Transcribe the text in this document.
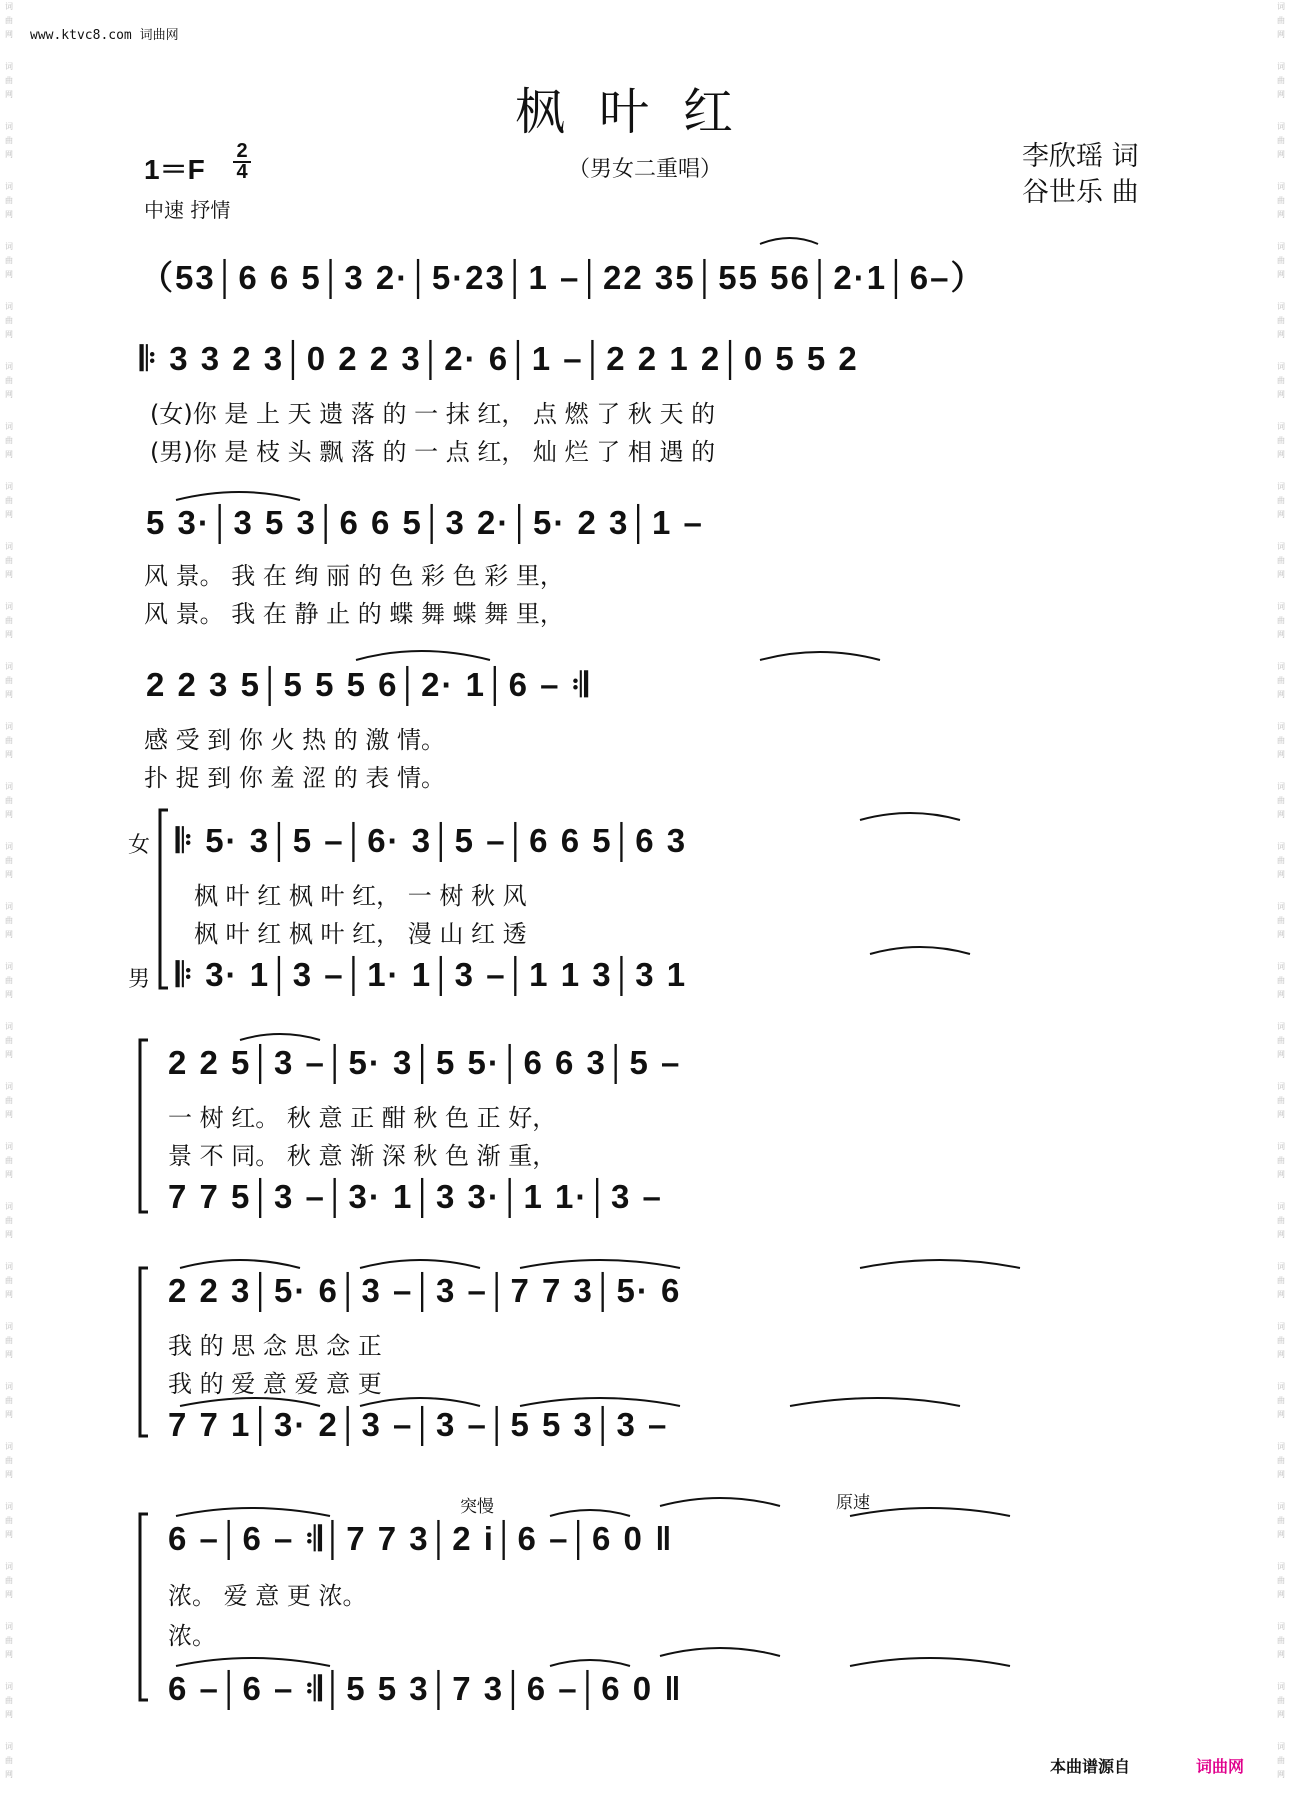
词
曲
网
词
曲
网
词
曲
网
词
曲
网
词
曲
网
词
曲
网
词
曲
网
词
曲
网
词
曲
网
词
曲
网
词
曲
网
词
曲
网
词
曲
网
词
曲
网
词
曲
网
词
曲
网
词
曲
网
词
曲
网
词
曲
网
词
曲
网
词
曲
网
词
曲
网
词
曲
网
词
曲
网
词
曲
网
词
曲
网
词
曲
网
词
曲
网
词
曲
网
词
曲
网
词
曲
网
词
曲
网
词
曲
网
词
曲
网
词
曲
网
词
曲
网
词
曲
网
词
曲
网
词
曲
网
词
曲
网
词
曲
网
词
曲
网
词
曲
网
词
曲
网
词
曲
网
词
曲
网
词
曲
网
词
曲
网
词
曲
网
词
曲
网
词
曲
网
词
曲
网
词
曲
网
词
曲
网
词
曲
网
词
曲
网
词
曲
网
词
曲
网
词
曲
网
词
曲
网
www.ktvc8.com 词曲网
枫叶红
（男女二重唱）
1＝F
2
4
中速 抒情
李欣瑶 词
谷世乐 曲
（53│6 6 5│3 2·│5·23│1 –│22 35│55 56│2·1│6–）
𝄆 3 3 2 3│0 2 2 3│2· 6│1 –│2 2 1 2│0 5 5 2
(女)你 是 上 天 遗 落 的 一 抹 红， 点 燃 了 秋 天 的
(男)你 是 枝 头 飘 落 的 一 点 红， 灿 烂 了 相 遇 的
5 3·│3 5 3│6 6 5│3 2·│5· 2 3│1 –
风 景。 我 在 绚 丽 的 色 彩 色 彩 里，
风 景。 我 在 静 止 的 蝶 舞 蝶 舞 里，
2 2 3 5│5 5 5 6│2· 1│6 – 𝄇
感 受 到 你 火 热 的 激 情。
扑 捉 到 你 羞 涩 的 表 情。
女
男
𝄆 5· 3│5 –│6· 3│5 –│6 6 5│6 3
枫 叶 红 枫 叶 红， 一 树 秋 风
枫 叶 红 枫 叶 红， 漫 山 红 透
𝄆 3· 1│3 –│1· 1│3 –│1 1 3│3 1
2 2 5│3 –│5· 3│5 5·│6 6 3│5 –
一 树 红。 秋 意 正 酣 秋 色 正 好，
景 不 同。 秋 意 渐 深 秋 色 渐 重，
7 7 5│3 –│3· 1│3 3·│1 1·│3 –
2 2 3│5· 6│3 –│3 –│7 7 3│5· 6
我 的 思 念 思 念 正
我 的 爱 意 爱 意 更
7 7 1│3· 2│3 –│3 –│5 5 3│3 –
突慢	原速
6 –│6 – 𝄇│7 7 3│2 i│6 –│6 0 ‖
浓。 爱 意 更 浓。
浓。
6 –│6 – 𝄇│5 5 3│7 3│6 –│6 0 ‖
本曲谱源自	词曲网
